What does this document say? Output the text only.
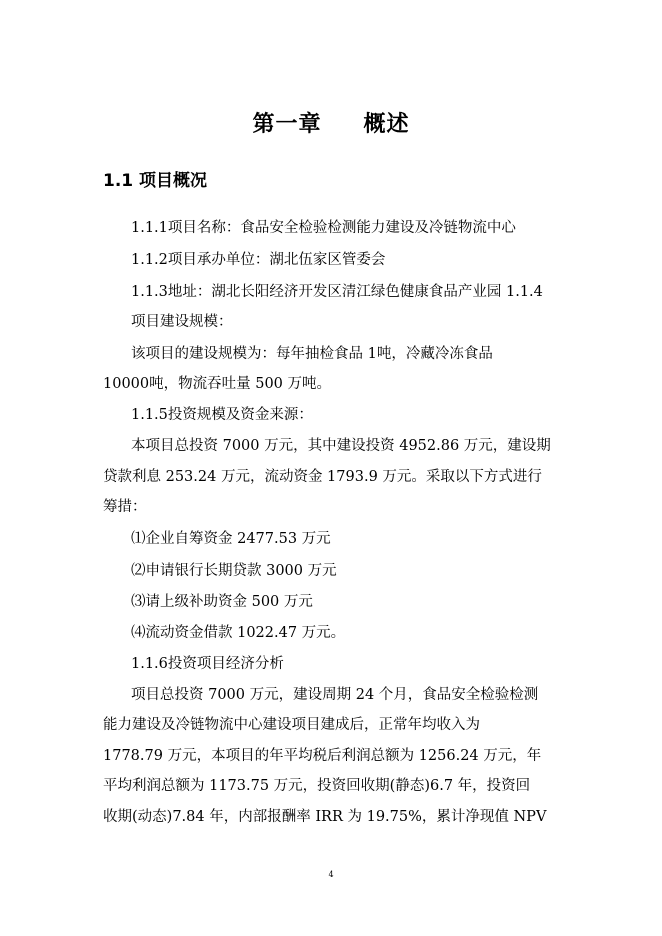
第一章 概述
1.1 项目概况
1.1.1项目名称：食品安全检验检测能力建设及冷链物流中心
1.1.2项目承办单位：湖北伍家区管委会
1.1.3地址：湖北长阳经济开发区清江绿色健康食品产业园 1.1.4
项目建设规模：
该项目的建设规模为：每年抽检食品 1吨，冷藏冷冻食品
10000吨，物流吞吐量 500 万吨。
1.1.5投资规模及资金来源：
本项目总投资 7000 万元，其中建设投资 4952.86 万元，建设期
贷款利息 253.24 万元，流动资金 1793.9 万元。采取以下方式进行
筹措：
⑴企业自筹资金 2477.53 万元
⑵申请银行长期贷款 3000 万元
⑶请上级补助资金 500 万元
⑷流动资金借款 1022.47 万元。
1.1.6投资项目经济分析
项目总投资 7000 万元，建设周期 24 个月，食品安全检验检测
能力建设及冷链物流中心建设项目建成后，正常年均收入为
1778.79 万元，本项目的年平均税后利润总额为 1256.24 万元，年
平均利润总额为 1173.75 万元，投资回收期(静态)6.7 年，投资回
收期(动态)7.84 年，内部报酬率 IRR 为 19.75%，累计净现值 NPV
4
